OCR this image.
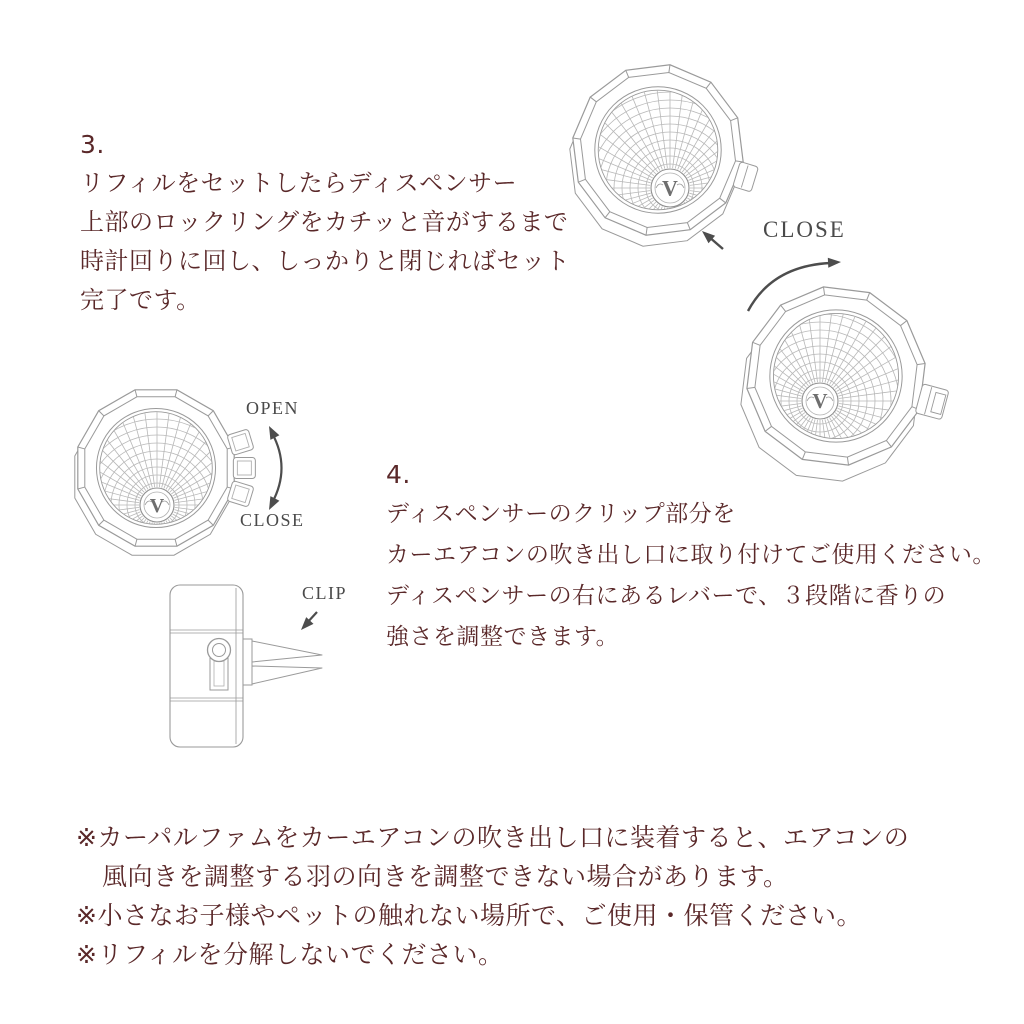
V
V
V
3.
リフィルをセットしたらディスペンサー
上部のロックリングをカチッと音がするまで
時計回りに回し、しっかりと閉じればセット
完了です。
4.
ディスペンサーのクリップ部分を
カーエアコンの吹き出し口に取り付けてご使用ください。
ディスペンサーの右にあるレバーで、３段階に香りの
強さを調整できます。
※カーパルファムをカーエアコンの吹き出し口に装着すると、エアコンの
風向きを調整する羽の向きを調整できない場合があります。
※小さなお子様やペットの触れない場所で、ご使用・保管ください。
※リフィルを分解しないでください。
CLOSE
OPEN
CLOSE
CLIP
